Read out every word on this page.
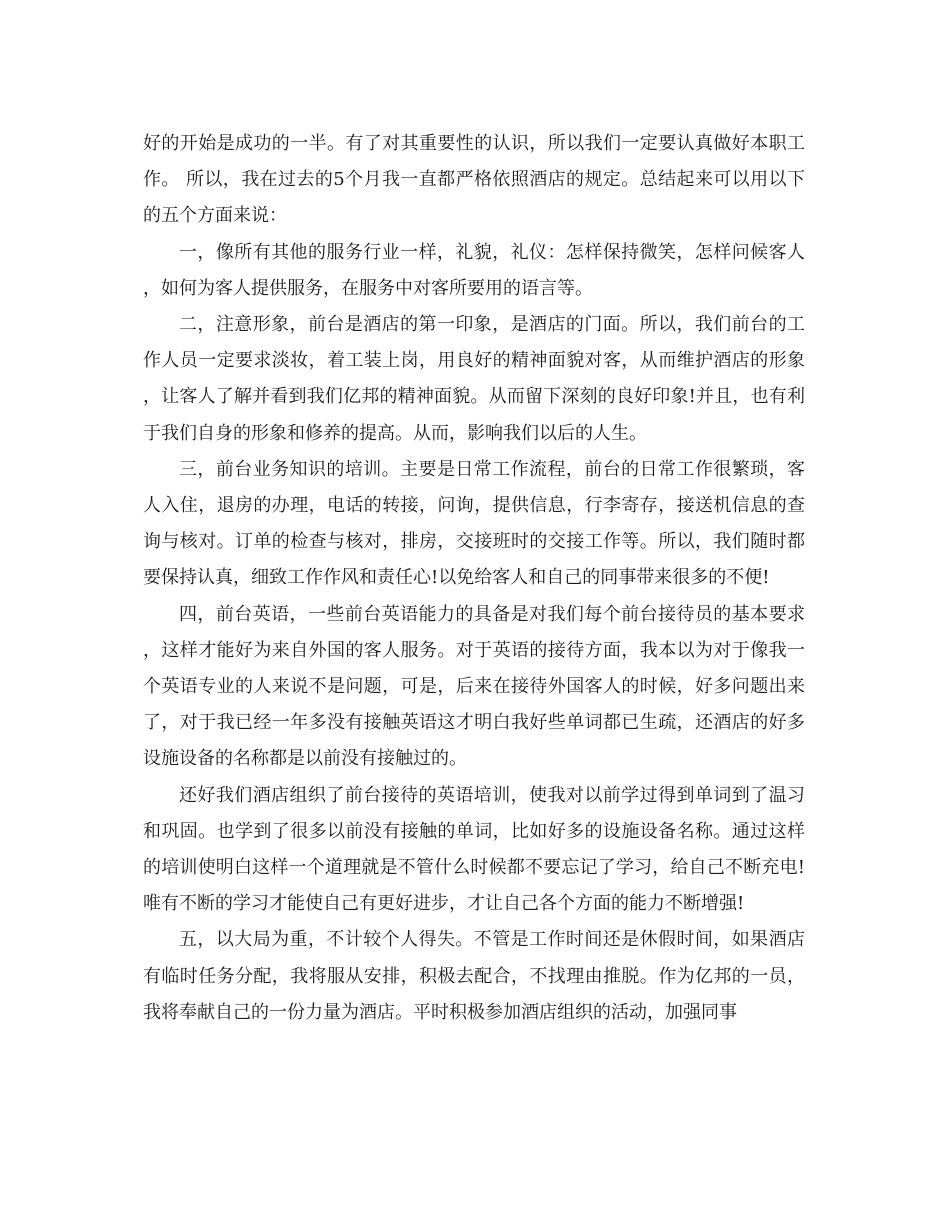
好的开始是成功的一半。有了对其重要性的认识，所以我们一定要认真做好本职工作。 所以，我在过去的5个月我一直都严格依照酒店的规定。总结起来可以用以下的五个方面来说：

一，像所有其他的服务行业一样，礼貌，礼仪：怎样保持微笑，怎样问候客人，如何为客人提供服务，在服务中对客所要用的语言等。

二，注意形象，前台是酒店的第一印象，是酒店的门面。所以，我们前台的工作人员一定要求淡妆，着工装上岗，用良好的精神面貌对客，从而维护酒店的形象，让客人了解并看到我们亿邦的精神面貌。从而留下深刻的良好印象!并且，也有利于我们自身的形象和修养的提高。从而，影响我们以后的人生。

三，前台业务知识的培训。主要是日常工作流程，前台的日常工作很繁琐，客人入住，退房的办理，电话的转接，问询，提供信息，行李寄存，接送机信息的查询与核对。订单的检查与核对，排房，交接班时的交接工作等。所以，我们随时都要保持认真，细致工作作风和责任心!以免给客人和自己的同事带来很多的不便!

四，前台英语，一些前台英语能力的具备是对我们每个前台接待员的基本要求，这样才能好为来自外国的客人服务。对于英语的接待方面，我本以为对于像我一个英语专业的人来说不是问题，可是，后来在接待外国客人的时候，好多问题出来了，对于我已经一年多没有接触英语这才明白我好些单词都已生疏，还酒店的好多设施设备的名称都是以前没有接触过的。

还好我们酒店组织了前台接待的英语培训，使我对以前学过得到单词到了温习和巩固。也学到了很多以前没有接触的单词，比如好多的设施设备名称。通过这样的培训使明白这样一个道理就是不管什么时候都不要忘记了学习，给自己不断充电!唯有不断的学习才能使自己有更好进步，才让自己各个方面的能力不断增强!

五，以大局为重，不计较个人得失。不管是工作时间还是休假时间，如果酒店有临时任务分配，我将服从安排，积极去配合，不找理由推脱。作为亿邦的一员，我将奉献自己的一份力量为酒店。平时积极参加酒店组织的活动，加强同事
